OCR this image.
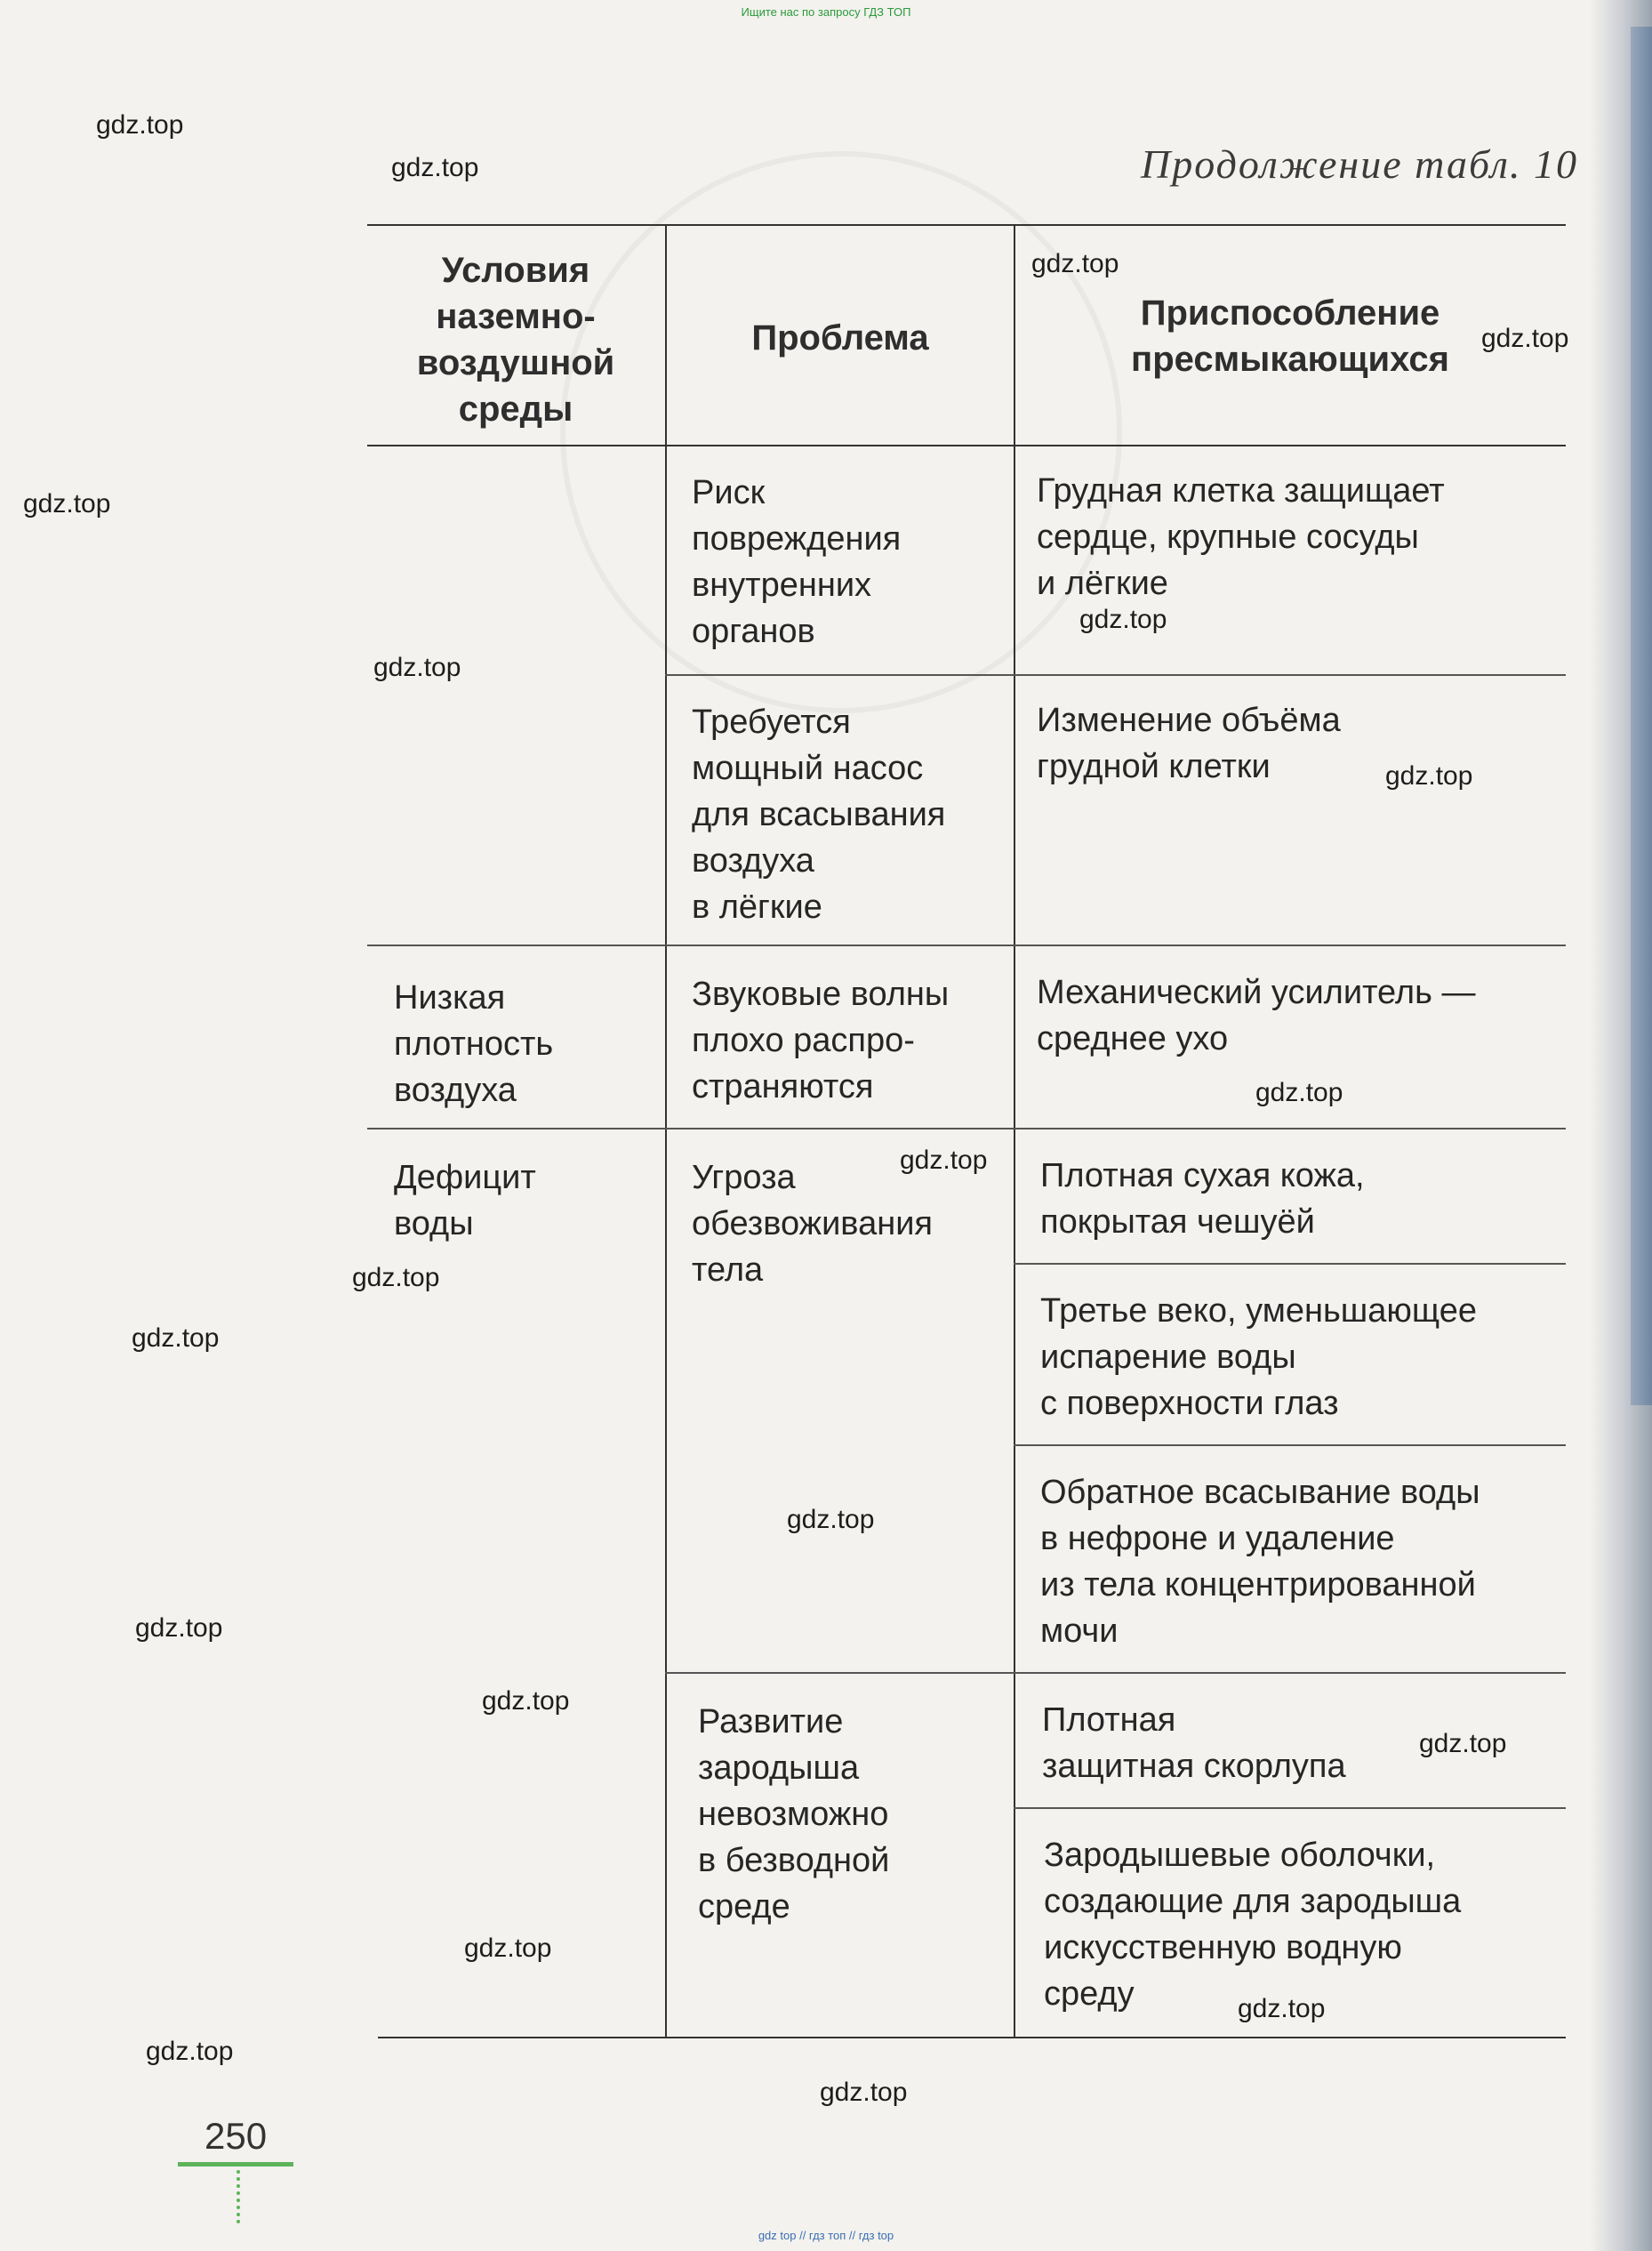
Ищите нас по запросу ГДЗ ТОП
Продолжение табл. 10
Условия
наземно-
воздушной
среды
Проблема
Приспособление
пресмыкающихся
Низкая
плотность
воздуха
Дефицит
воды
Риск
повреждения
внутренних
органов
Требуется
мощный насос
для всасывания
воздуха
в лёгкие
Звуковые волны
плохо распро-
страняются
Угроза
обезвоживания
тела
Развитие
зародыша
невозможно
в безводной
среде
Грудная клетка защищает
сердце, крупные сосуды
и лёгкие
Изменение объёма
грудной клетки
Механический усилитель —
среднее ухо
Плотная сухая кожа,
покрытая чешуёй
Третье веко, уменьшающее
испарение воды
с поверхности глаз
Обратное всасывание воды
в нефроне и удаление
из тела концентрированной
мочи
Плотная
защитная скорлупа
Зародышевые оболочки,
создающие для зародыша
искусственную водную
среду
gdz.top
gdz.top
gdz.top
gdz.top
gdz.top
gdz.top
gdz.top
gdz.top
gdz.top
gdz.top
gdz.top
gdz.top
gdz.top
gdz.top
gdz.top
gdz.top
gdz.top
gdz.top
gdz.top
gdz.top
250
gdz top // гдз топ // гдз top
